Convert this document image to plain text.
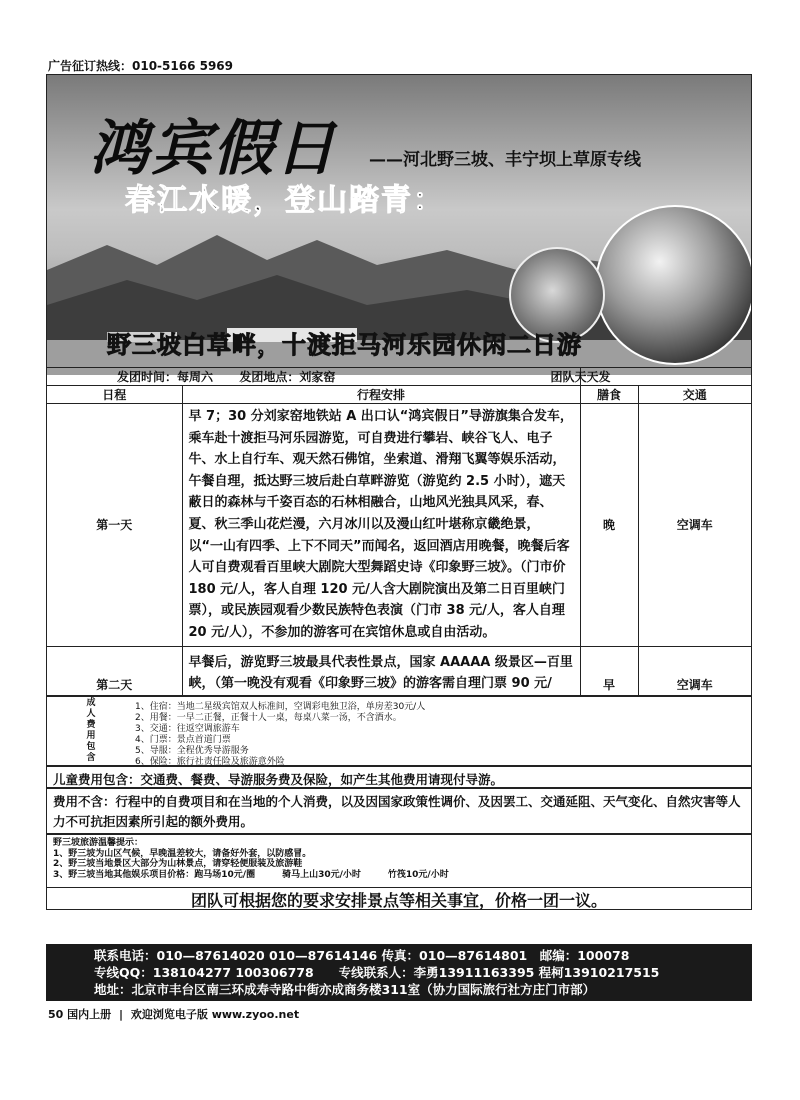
广告征订热线：010-5166 5969
鸿宾假日 ——河北野三坡、丰宁坝上草原专线
春江水暖，登山踏青：
野三坡白草畔，十渡拒马河乐园休闲二日游
发团时间：每周六 发团地点：刘家窑		团队天天发	
日程	行程安排	膳食	交通
第一天	早 7；30 分刘家窑地铁站 A 出口认“鸿宾假日”导游旗集合发车，乘车赴十渡拒马河乐园游览，可自费进行攀岩、峡谷飞人、电子牛、水上自行车、观天然石佛馆，坐索道、滑翔飞翼等娱乐活动，午餐自理，抵达野三坡后赴白草畔游览（游览约 2.5 小时），遮天蔽日的森林与千姿百态的石林相融合，山地风光独具风采，春、夏、秋三季山花烂漫，六月冰川以及漫山红叶堪称京畿绝景，以“一山有四季、上下不同天”而闻名，返回酒店用晚餐，晚餐后客人可自费观看百里峡大剧院大型舞蹈史诗《印象野三坡》。（门市价 180 元/人，客人自理 120 元/人含大剧院演出及第二日百里峡门票），或民族园观看少数民族特色表演（门市 38 元/人，客人自理 20 元/人），不参加的游客可在宾馆休息或自由活动。	晚	空调车
第二天	早餐后，游览野三坡最具代表性景点，国家 AAAAA 级景区—百里峡，（第一晚没有观看《印象野三坡》的游客需自理门票 90 元/	早	空调车

成
人
费
用
包
含
1、住宿：当地二星级宾馆双人标准间，空调彩电独卫浴，单房差30元/人
2、用餐：一早二正餐，正餐十人一桌，每桌八菜一汤，不含酒水。
3、交通：往返空调旅游车
4、门票：景点首道门票
5、导服：全程优秀导游服务
6、保险：旅行社责任险及旅游意外险
儿童费用包含：交通费、餐费、导游服务费及保险，如产生其他费用请现付导游。
费用不含：行程中的自费项目和在当地的个人消费，以及因国家政策性调价、及因罢工、交通延阻、天气变化、自然灾害等人力不可抗拒因素所引起的额外费用。
野三坡旅游温馨提示：
1、野三坡为山区气候，早晚温差较大，请备好外套，以防感冒。
2、野三坡当地景区大部分为山林景点，请穿轻便服装及旅游鞋
3、野三坡当地其他娱乐项目价格：跑马场10元/圈　　　骑马上山30元/小时　　　竹筏10元/小时
团队可根据您的要求安排景点等相关事宜，价格一团一议。
联系电话：010—87614020 010—87614146 传真：010—87614801　邮编：100078
专线QQ：138104277 100306778　　专线联系人：李勇13911163395 程柯13910217515
地址：北京市丰台区南三环成寿寺路中街亦成商务楼311室（协力国际旅行社方庄门市部）
50 国内上册 | 欢迎浏览电子版 www.zyoo.net
